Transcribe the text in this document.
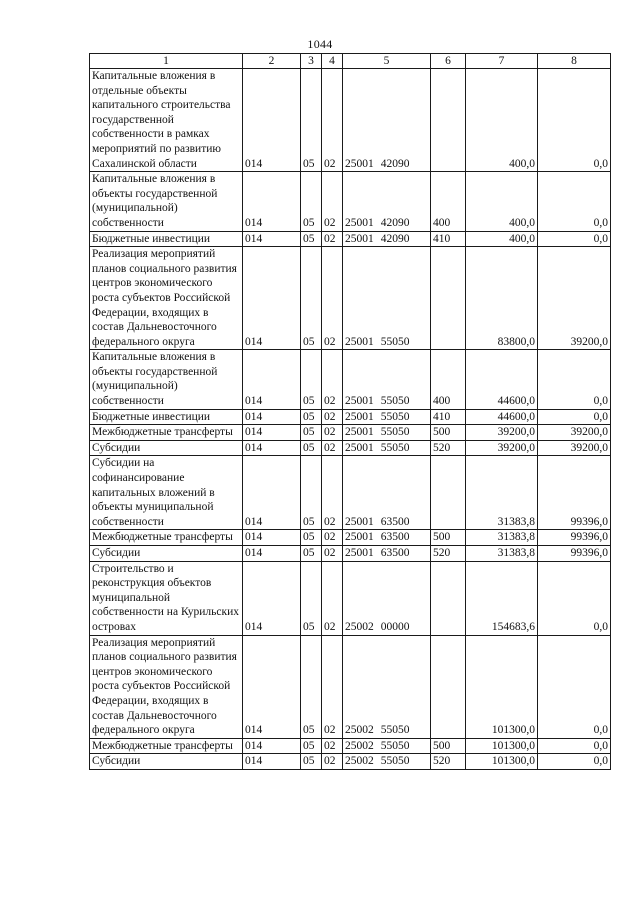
1044
1	2	3	4	5	6	7	8
Капитальные вложения в отдельные объекты капитального строительства государственной собственности в рамках мероприятий по развитию Сахалинской области	014	05	02	25001 42090		400,0	0,0
Капитальные вложения в объекты государственной (муниципальной) собственности	014	05	02	25001 42090	400	400,0	0,0
Бюджетные инвестиции	014	05	02	25001 42090	410	400,0	0,0
Реализация мероприятий планов социального развития центров экономического роста субъектов Российской Федерации, входящих в состав Дальневосточного федерального округа	014	05	02	25001 55050		83800,0	39200,0
Капитальные вложения в объекты государственной (муниципальной) собственности	014	05	02	25001 55050	400	44600,0	0,0
Бюджетные инвестиции	014	05	02	25001 55050	410	44600,0	0,0
Межбюджетные трансферты	014	05	02	25001 55050	500	39200,0	39200,0
Субсидии	014	05	02	25001 55050	520	39200,0	39200,0
Субсидии на софинансирование капитальных вложений в объекты муниципальной собственности	014	05	02	25001 63500		31383,8	99396,0
Межбюджетные трансферты	014	05	02	25001 63500	500	31383,8	99396,0
Субсидии	014	05	02	25001 63500	520	31383,8	99396,0
Строительство и реконструкция объектов муниципальной собственности на Курильских островах	014	05	02	25002 00000		154683,6	0,0
Реализация мероприятий планов социального развития центров экономического роста субъектов Российской Федерации, входящих в состав Дальневосточного федерального округа	014	05	02	25002 55050		101300,0	0,0
Межбюджетные трансферты	014	05	02	25002 55050	500	101300,0	0,0
Субсидии	014	05	02	25002 55050	520	101300,0	0,0
